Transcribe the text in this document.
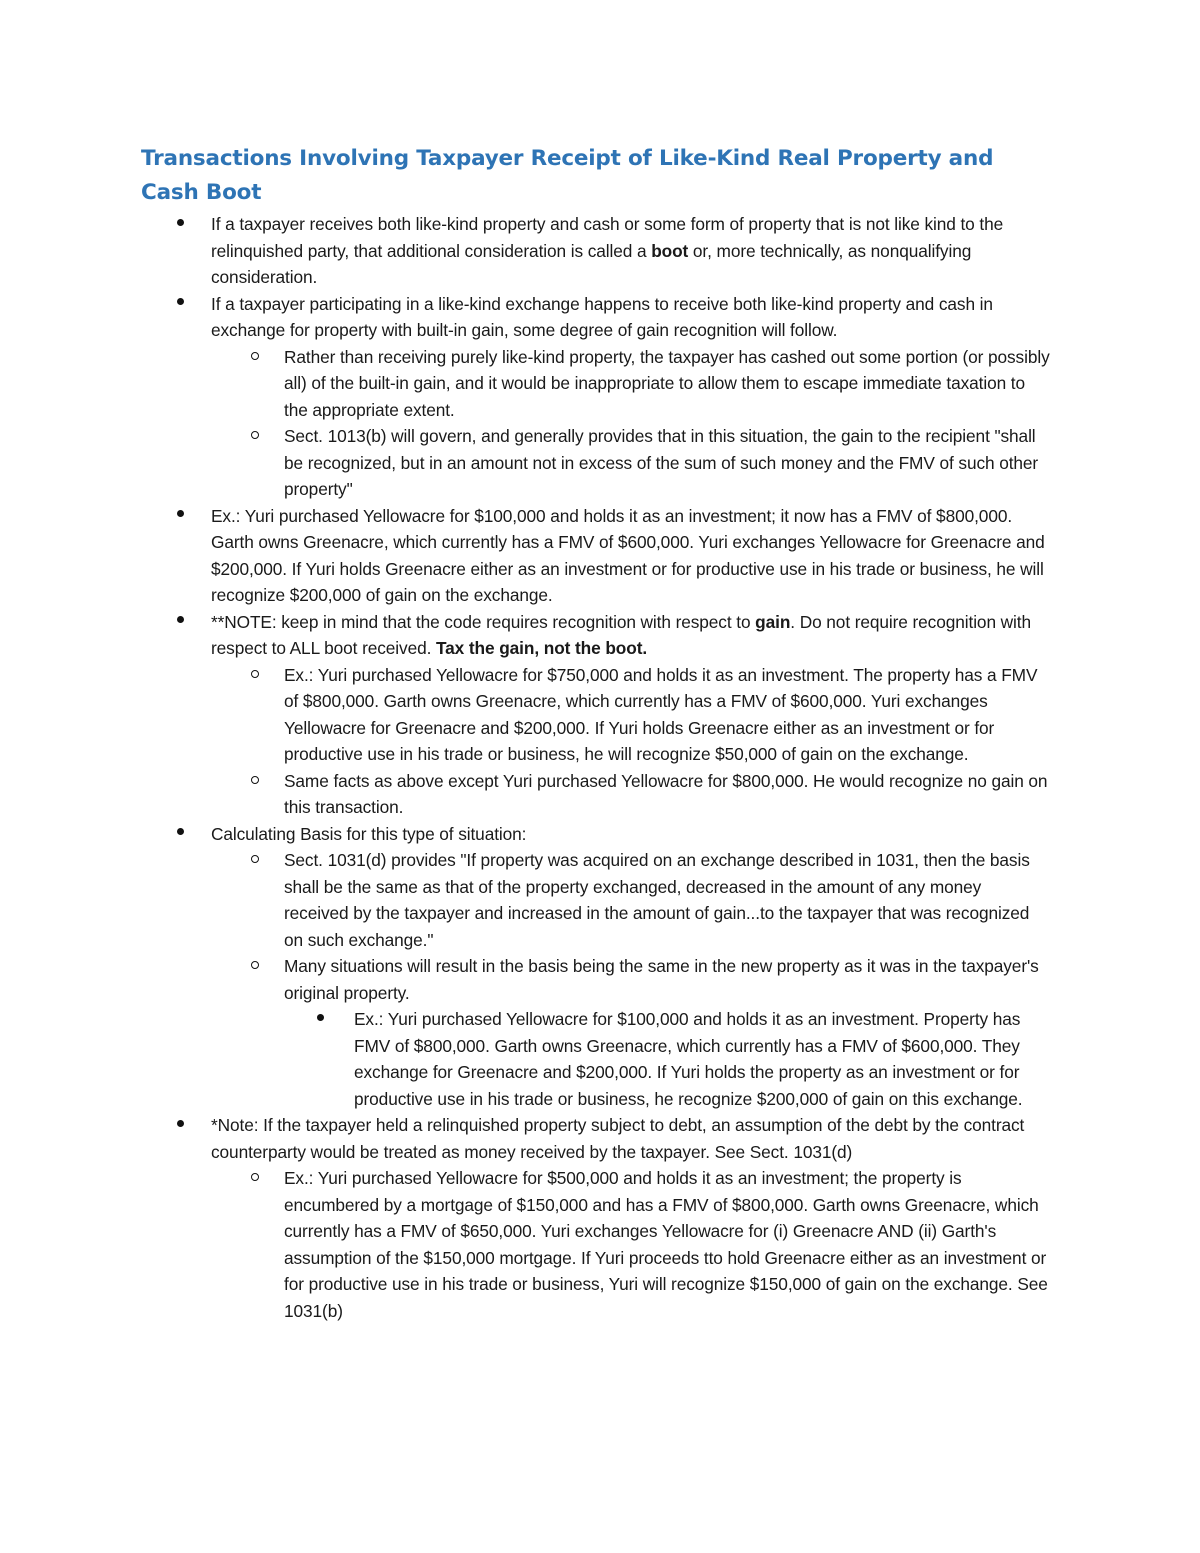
Transactions Involving Taxpayer Receipt of Like-Kind Real Property and Cash Boot
If a taxpayer receives both like-kind property and cash or some form of property that is not like kind to the relinquished party, that additional consideration is called a boot or, more technically, as nonqualifying consideration.
If a taxpayer participating in a like-kind exchange happens to receive both like-kind property and cash in exchange for property with built-in gain, some degree of gain recognition will follow.
Rather than receiving purely like-kind property, the taxpayer has cashed out some portion (or possibly all) of the built-in gain, and it would be inappropriate to allow them to escape immediate taxation to the appropriate extent.
Sect. 1013(b) will govern, and generally provides that in this situation, the gain to the recipient "shall be recognized, but in an amount not in excess of the sum of such money and the FMV of such other property"
Ex.: Yuri purchased Yellowacre for $100,000 and holds it as an investment; it now has a FMV of $800,000. Garth owns Greenacre, which currently has a FMV of $600,000. Yuri exchanges Yellowacre for Greenacre and $200,000. If Yuri holds Greenacre either as an investment or for productive use in his trade or business, he will recognize $200,000 of gain on the exchange.
**NOTE: keep in mind that the code requires recognition with respect to gain. Do not require recognition with respect to ALL boot received. Tax the gain, not the boot.
Ex.: Yuri purchased Yellowacre for $750,000 and holds it as an investment. The property has a FMV of $800,000. Garth owns Greenacre, which currently has a FMV of $600,000. Yuri exchanges Yellowacre for Greenacre and $200,000. If Yuri holds Greenacre either as an investment or for productive use in his trade or business, he will recognize $50,000 of gain on the exchange.
Same facts as above except Yuri purchased Yellowacre for $800,000. He would recognize no gain on this transaction.
Calculating Basis for this type of situation:
Sect. 1031(d) provides "If property was acquired on an exchange described in 1031, then the basis shall be the same as that of the property exchanged, decreased in the amount of any money received by the taxpayer and increased in the amount of gain...to the taxpayer that was recognized on such exchange."
Many situations will result in the basis being the same in the new property as it was in the taxpayer's original property.
Ex.: Yuri purchased Yellowacre for $100,000 and holds it as an investment. Property has FMV of $800,000. Garth owns Greenacre, which currently has a FMV of $600,000. They exchange for Greenacre and $200,000. If Yuri holds the property as an investment or for productive use in his trade or business, he recognize $200,000 of gain on this exchange.
*Note: If the taxpayer held a relinquished property subject to debt, an assumption of the debt by the contract counterparty would be treated as money received by the taxpayer. See Sect. 1031(d)
Ex.: Yuri purchased Yellowacre for $500,000 and holds it as an investment; the property is encumbered by a mortgage of $150,000 and has a FMV of $800,000. Garth owns Greenacre, which currently has a FMV of $650,000. Yuri exchanges Yellowacre for (i) Greenacre AND (ii) Garth's assumption of the $150,000 mortgage. If Yuri proceeds tto hold Greenacre either as an investment or for productive use in his trade or business, Yuri will recognize $150,000 of gain on the exchange. See 1031(b)
